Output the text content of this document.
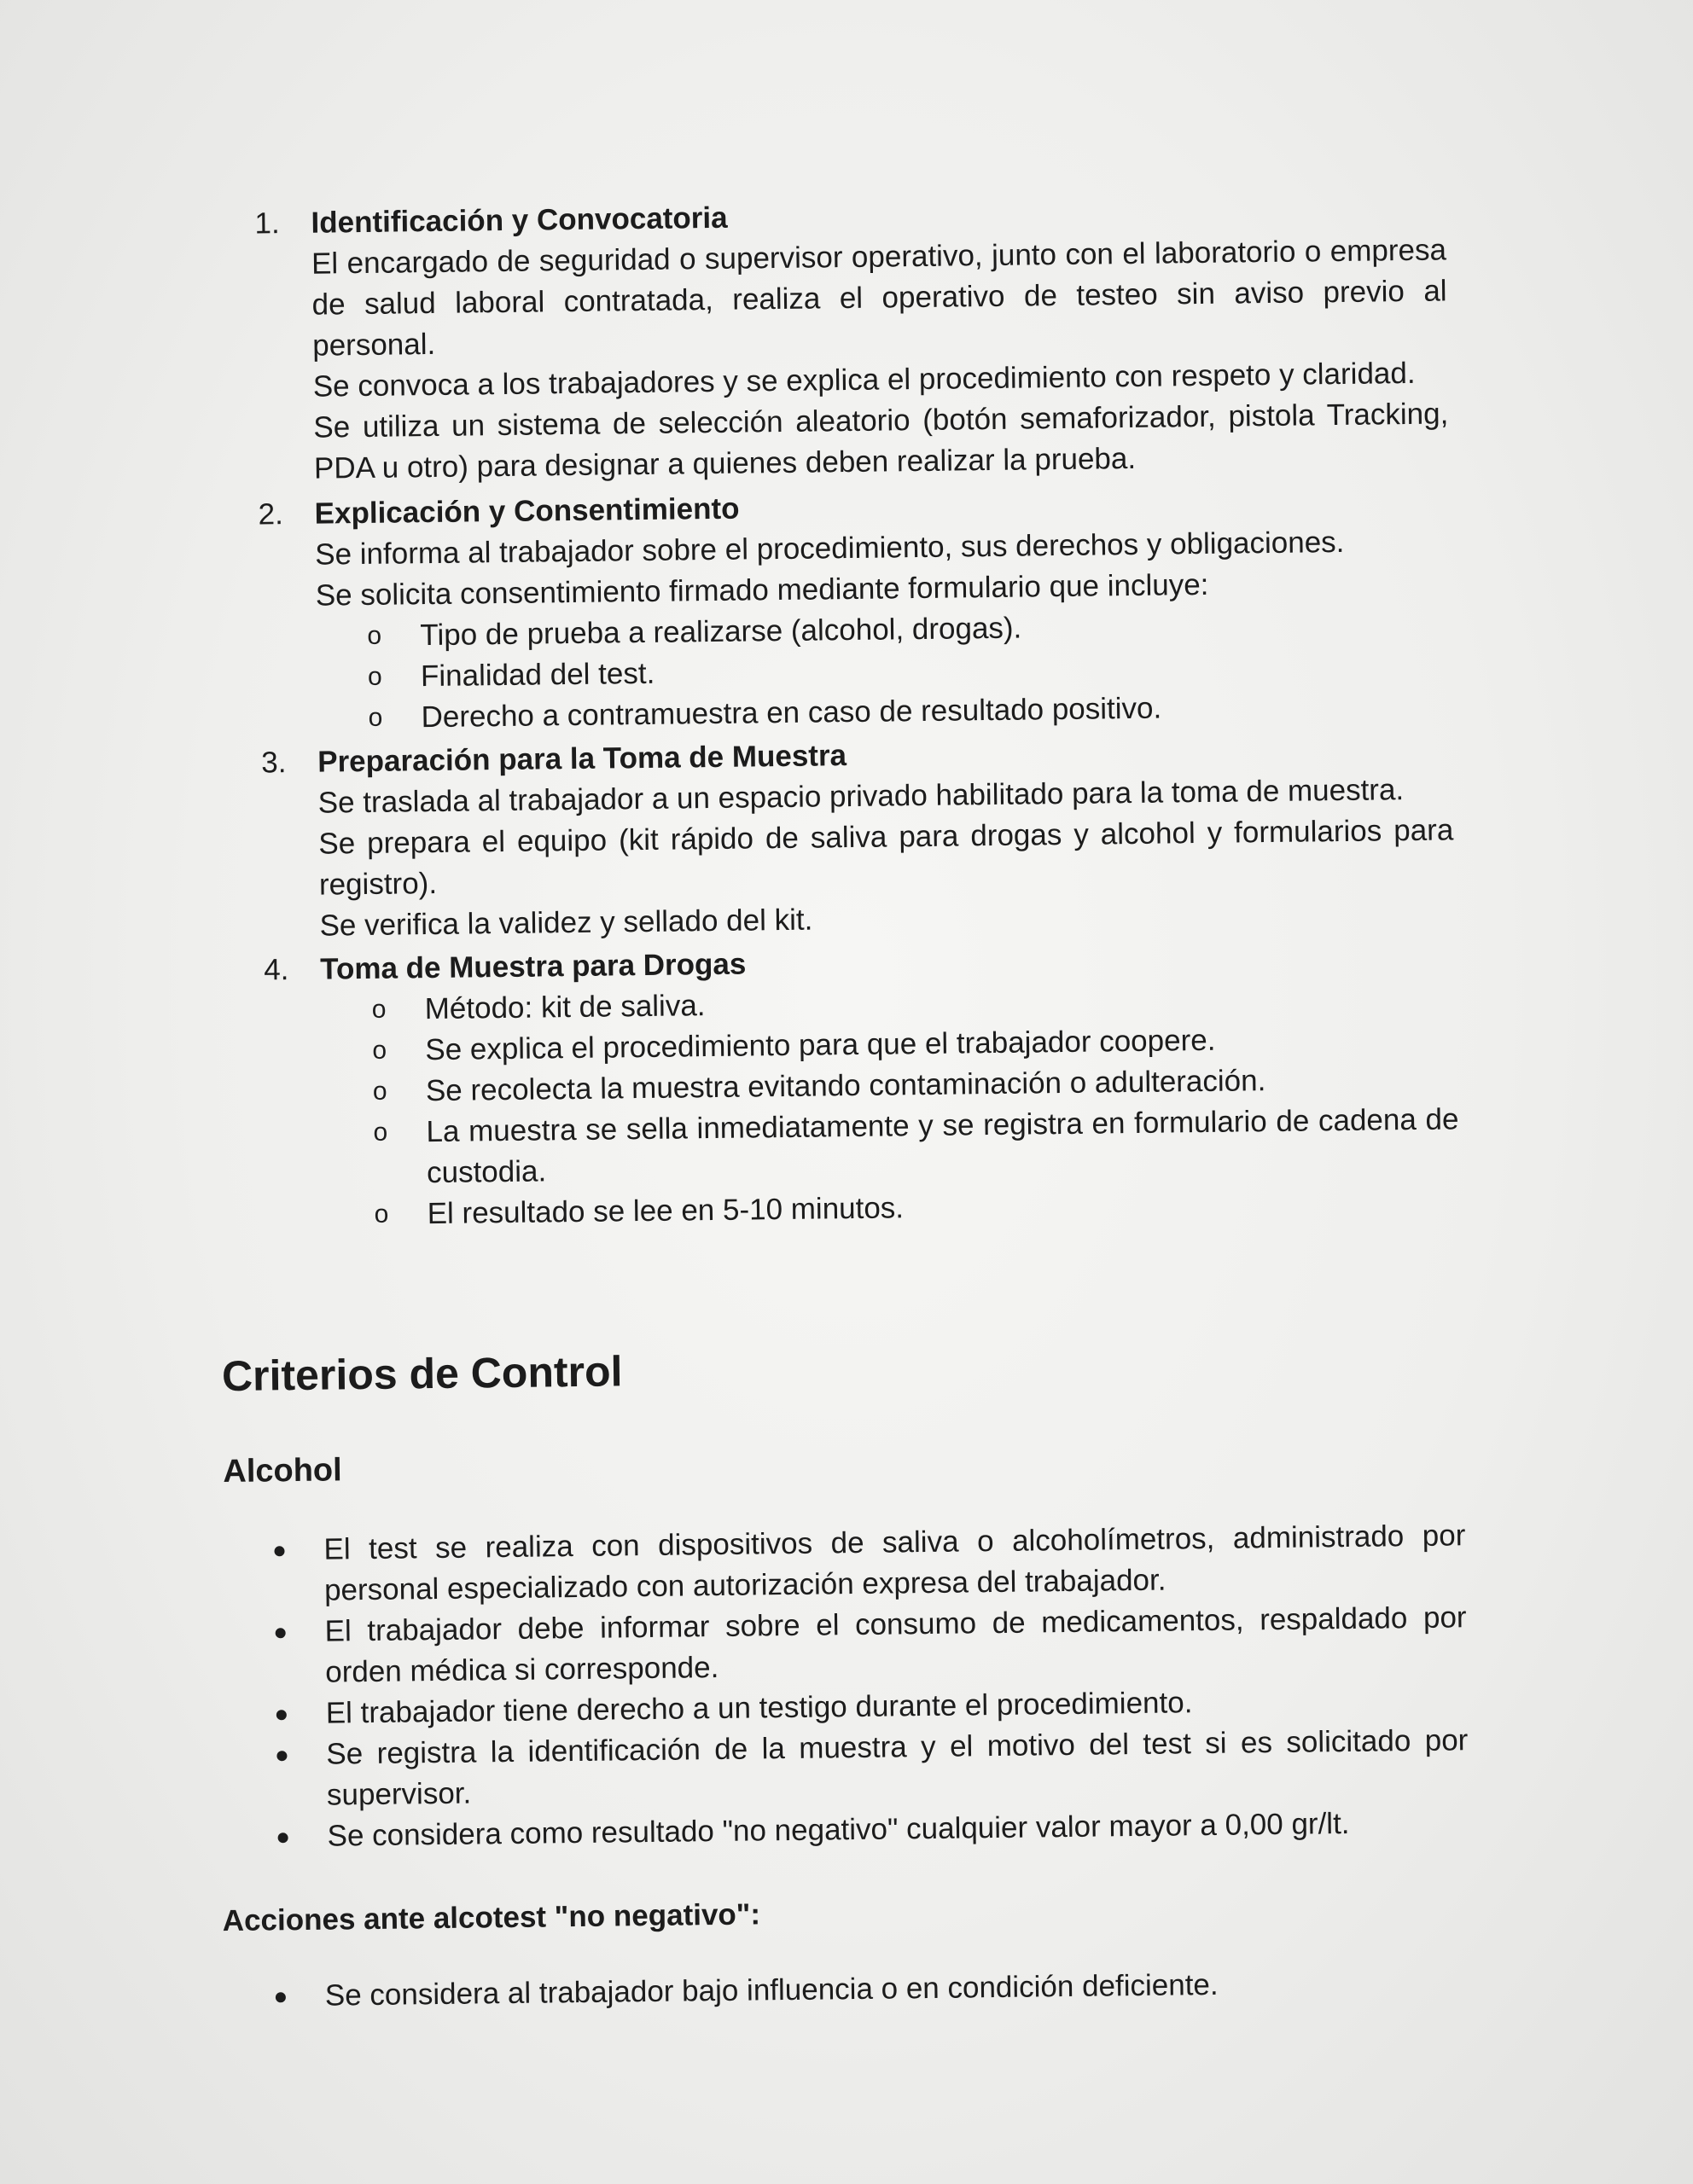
1.	Identificación y Convocatoria
El encargado de seguridad o supervisor operativo, junto con el laboratorio o empresa de salud laboral contratada, realiza el operativo de testeo sin aviso previo al personal.
Se convoca a los trabajadores y se explica el procedimiento con respeto y claridad.
Se utiliza un sistema de selección aleatorio (botón semaforizador, pistola Tracking, PDA u otro) para designar a quienes deben realizar la prueba.
2.	Explicación y Consentimiento
Se informa al trabajador sobre el procedimiento, sus derechos y obligaciones.
Se solicita consentimiento firmado mediante formulario que incluye:
o Tipo de prueba a realizarse (alcohol, drogas).
o Finalidad del test.
o Derecho a contramuestra en caso de resultado positivo.
3.	Preparación para la Toma de Muestra
Se traslada al trabajador a un espacio privado habilitado para la toma de muestra.
Se prepara el equipo (kit rápido de saliva para drogas y alcohol y formularios para registro).
Se verifica la validez y sellado del kit.
4.	Toma de Muestra para Drogas
o Método: kit de saliva.
o Se explica el procedimiento para que el trabajador coopere.
o Se recolecta la muestra evitando contaminación o adulteración.
o La muestra se sella inmediatamente y se registra en formulario de cadena de custodia.
o El resultado se lee en 5-10 minutos.
Criterios de Control
Alcohol
El test se realiza con dispositivos de saliva o alcoholímetros, administrado por personal especializado con autorización expresa del trabajador.
El trabajador debe informar sobre el consumo de medicamentos, respaldado por orden médica si corresponde.
El trabajador tiene derecho a un testigo durante el procedimiento.
Se registra la identificación de la muestra y el motivo del test si es solicitado por supervisor.
Se considera como resultado "no negativo" cualquier valor mayor a 0,00 gr/lt.
Acciones ante alcotest "no negativo":
Se considera al trabajador bajo influencia o en condición deficiente.
